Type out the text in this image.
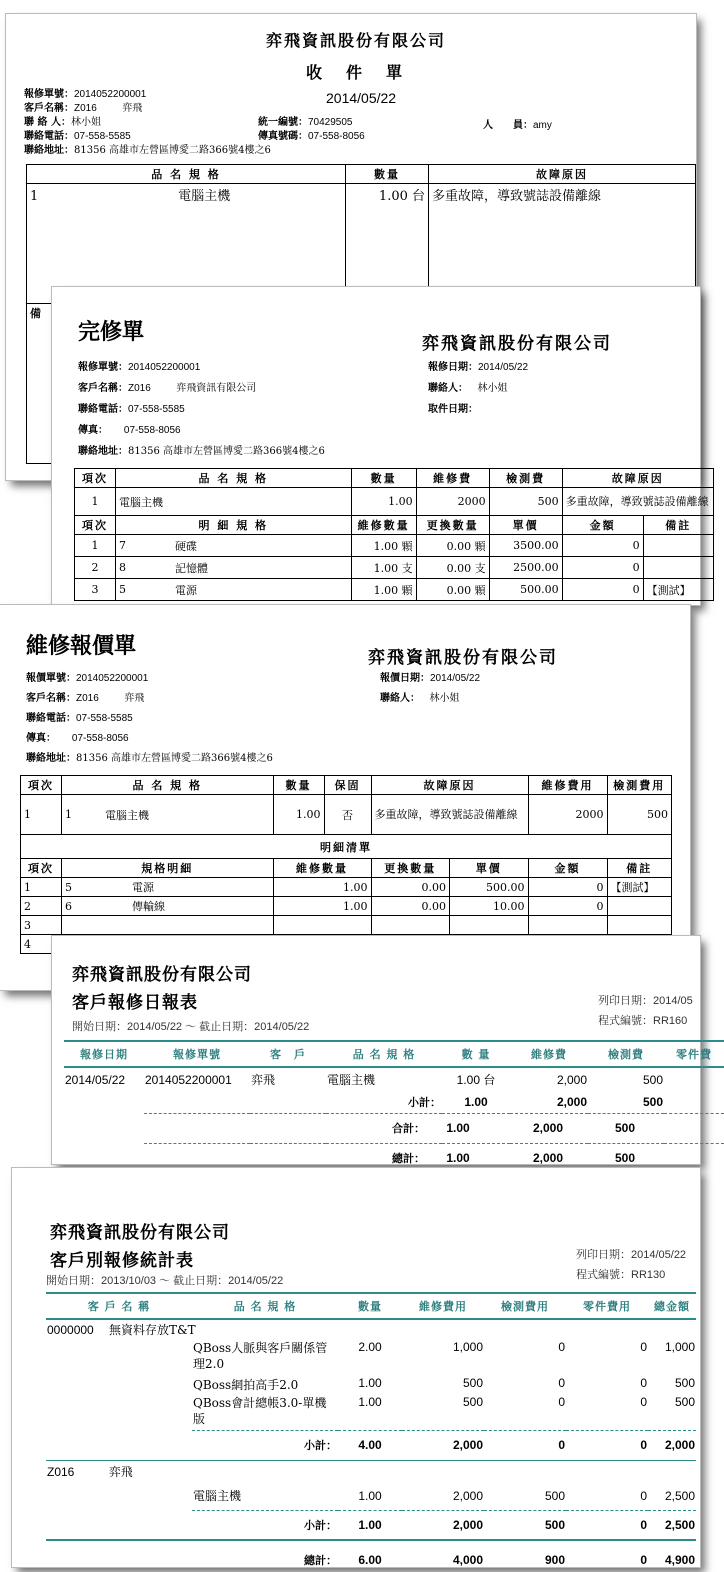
弈飛資訊股份有限公司
收　件　單
2014/05/22
報修單號：2014052200001
客戶名稱：Z016	弈飛
聯 絡 人：林小姐
聯絡電話：07-558-5585
聯絡地址：81356 高雄市左營區博愛二路366號4樓之6
統一編號：70429505
傳真號碼：07-558-8056
人　　員：amy
品 名 規 格	數量	故障原因
1 電腦主機	1.00 台	多重故障，導致號誌設備離線
備		
完修單	弈飛資訊股份有限公司
報修單號：2014052200001
客戶名稱：Z016	弈飛資訊有限公司
聯絡電話：07-558-5585
傳真： 07-558-8056
聯絡地址：81356 高雄市左營區博愛二路366號4樓之6
報修日期：2014/05/22
聯絡人： 林小姐
取件日期：
項次	品 名 規 格		數量	維修費	檢測費	故障原因	
1	電腦主機		1.00	2000	500	多重故障，導致號誌設備離線	
項次	明 細 規 格		維修數量	更換數量	單價	金額	備註
1	7	硬碟	1.00 顆	0.00 顆	3500.00	0	
2	8	記憶體	1.00 支	0.00 支	2500.00	0	
3	5	電源	1.00 顆	0.00 顆	500.00	0	【測試】
維修報價單	弈飛資訊股份有限公司
報價單號：2014052200001
客戶名稱：Z016	弈飛
聯絡電話：07-558-5585
傳真： 07-558-8056
聯絡地址：81356 高雄市左營區博愛二路366號4樓之6
報價日期：2014/05/22
聯絡人： 林小姐
項次	品 名 規 格		數量	保固	故障原因		維修費用	檢測費用
1	1	電腦主機	1.00	否	多重故障，導致號誌設備離線		2000	500
明細清單								
項次	規格明細		維修數量		更換數量	單價	金額	備註
1	5	電源	1.00		0.00	500.00	0	【測試】
2	6	傳輸線	1.00		0.00	10.00	0	
3								
4								
弈飛資訊股份有限公司
客戶報修日報表
開始日期：2014/05/22 ～ 截止日期：2014/05/22
列印日期：2014/05
程式編號：RR160
報修日期	報修單號	客　戶	品 名 規 格	數 量	維修費	檢測費	零件費
2014/05/22	2014052200001	弈飛	電腦主機	1.00 台	2,000	500	
			小計：	1.00	2,000	500	

	合計：	1.00	2,000	500	

	總計：	1.00	2,000	500	
弈飛資訊股份有限公司
客戶別報修統計表
開始日期：2013/10/03 ～ 截止日期：2014/05/22
列印日期：2014/05/22
程式編號：RR130
客 戶 名 稱	品 名 規 格	數量	維修費用	檢測費用	零件費用	總金額
0000000 無資料存放T&T						
	QBoss人脈與客戶關係管理2.0	2.00	1,000	0	0	1,000
	QBoss網拍高手2.0	1.00	500	0	0	500
	QBoss會計總帳3.0-單機版	1.00	500	0	0	500
	小計：	4.00	2,000	0	0	2,000
Z016 弈飛						
	電腦主機	1.00	2,000	500	0	2,500
	小計：	1.00	2,000	500	0	2,500

	總計：	6.00	4,000	900	0	4,900
